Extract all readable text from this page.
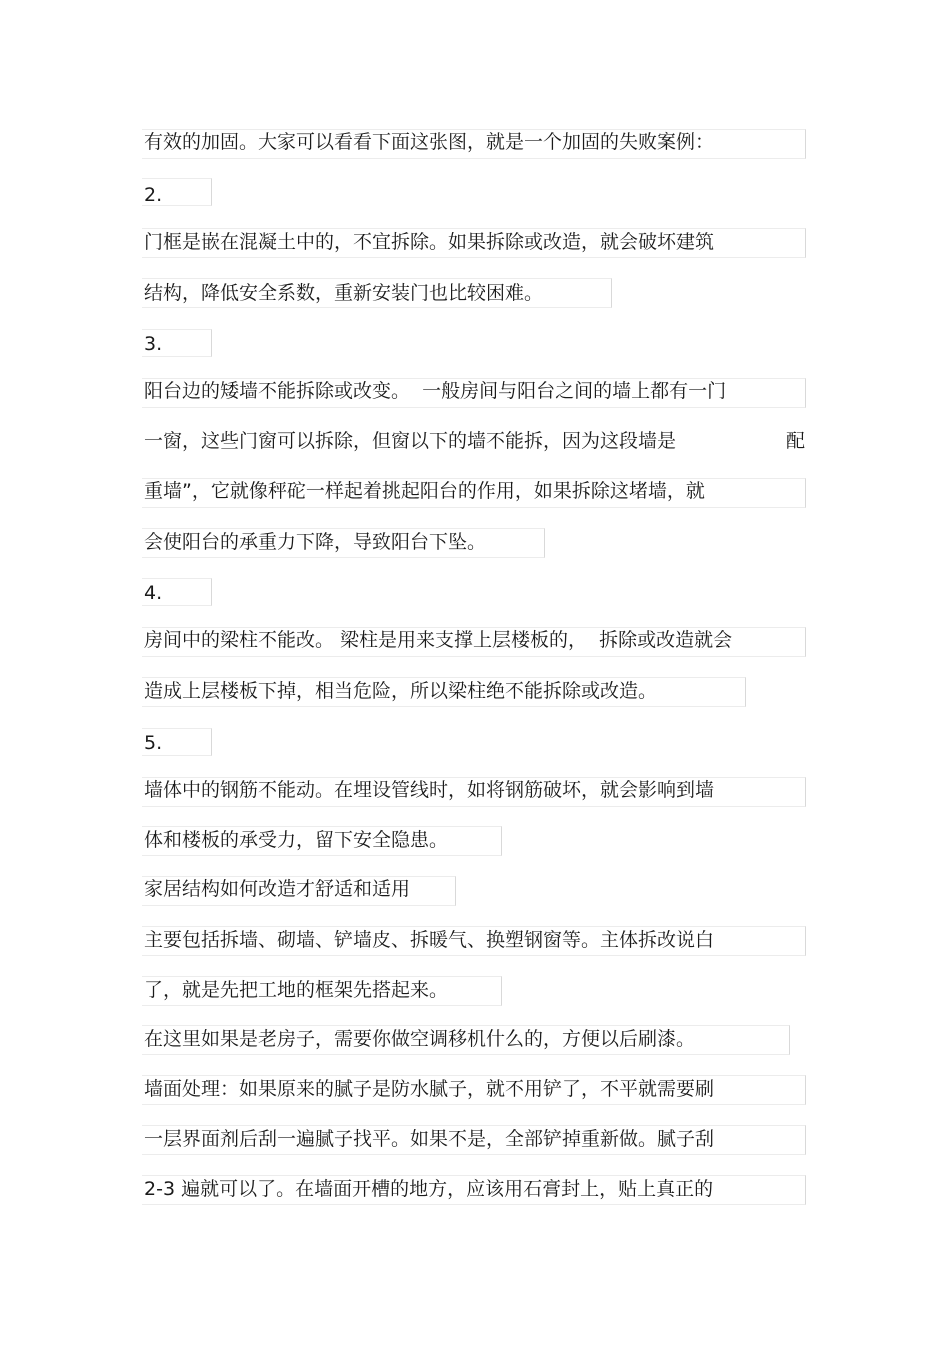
有效的加固。大家可以看看下面这张图，就是一个加固的失败案例：
2.
门框是嵌在混凝土中的，不宜拆除。如果拆除或改造，就会破坏建筑
结构，降低安全系数，重新安装门也比较困难。
3.
阳台边的矮墙不能拆除或改变。  一般房间与阳台之间的墙上都有一门
一窗，这些门窗可以拆除，但窗以下的墙不能拆，因为这段墙是	配
重墙”，它就像秤砣一样起着挑起阳台的作用，如果拆除这堵墙，就
会使阳台的承重力下降，导致阳台下坠。
4.
房间中的梁柱不能改。 梁柱是用来支撑上层楼板的，  拆除或改造就会
造成上层楼板下掉，相当危险，所以梁柱绝不能拆除或改造。
5.
墙体中的钢筋不能动。在埋设管线时，如将钢筋破坏，就会影响到墙
体和楼板的承受力，留下安全隐患。
家居结构如何改造才舒适和适用
主要包括拆墙、砌墙、铲墙皮、拆暖气、换塑钢窗等。主体拆改说白
了，就是先把工地的框架先搭起来。
在这里如果是老房子，需要你做空调移机什么的，方便以后刷漆。
墙面处理：如果原来的腻子是防水腻子，就不用铲了，不平就需要刷
一层界面剂后刮一遍腻子找平。如果不是，全部铲掉重新做。腻子刮
2-3 遍就可以了。在墙面开槽的地方，应该用石膏封上，贴上真正的
